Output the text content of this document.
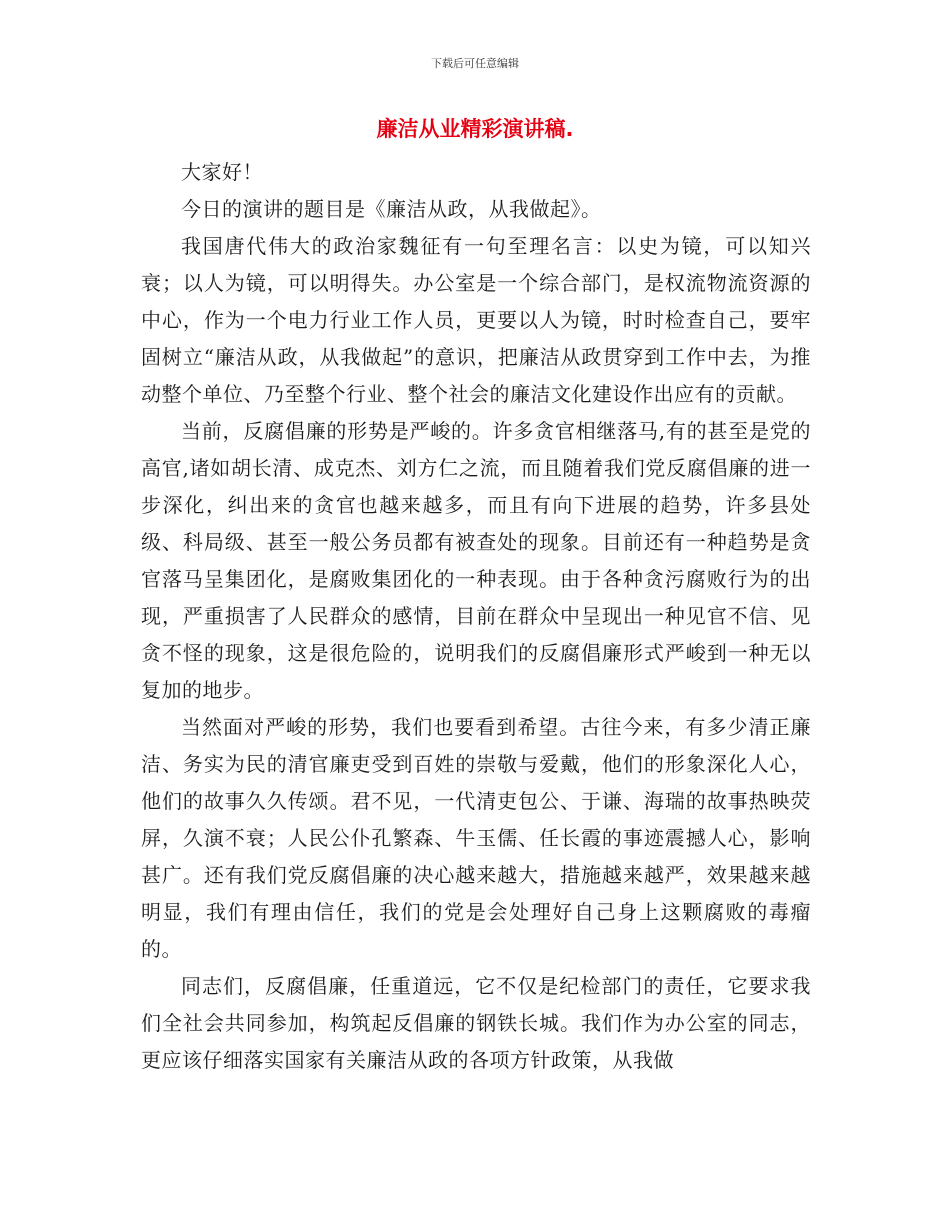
下载后可任意编辑
廉洁从业精彩演讲稿.

大家好！

今日的演讲的题目是《廉洁从政，从我做起》。

我国唐代伟大的政治家魏征有一句至理名言：以史为镜，可以知兴衰；以人为镜，可以明得失。办公室是一个综合部门，是权流物流资源的中心，作为一个电力行业工作人员，更要以人为镜，时时检查自己，要牢固树立“廉洁从政，从我做起”的意识，把廉洁从政贯穿到工作中去，为推动整个单位、乃至整个行业、整个社会的廉洁文化建设作出应有的贡献。

当前，反腐倡廉的形势是严峻的。许多贪官相继落马,有的甚至是党的高官,诸如胡长清、成克杰、刘方仁之流，而且随着我们党反腐倡廉的进一步深化，纠出来的贪官也越来越多，而且有向下进展的趋势，许多县处级、科局级、甚至一般公务员都有被查处的现象。目前还有一种趋势是贪官落马呈集团化，是腐败集团化的一种表现。由于各种贪污腐败行为的出现，严重损害了人民群众的感情，目前在群众中呈现出一种见官不信、见贪不怪的现象，这是很危险的，说明我们的反腐倡廉形式严峻到一种无以复加的地步。

当然面对严峻的形势，我们也要看到希望。古往今来，有多少清正廉洁、务实为民的清官廉吏受到百姓的崇敬与爱戴，他们的形象深化人心，他们的故事久久传颂。君不见，一代清吏包公、于谦、海瑞的故事热映荧屏，久演不衰；人民公仆孔繁森、牛玉儒、任长霞的事迹震撼人心，影响甚广。还有我们党反腐倡廉的决心越来越大，措施越来越严，效果越来越明显，我们有理由信任，我们的党是会处理好自己身上这颗腐败的毒瘤的。

同志们，反腐倡廉，任重道远，它不仅是纪检部门的责任，它要求我们全社会共同参加，构筑起反倡廉的钢铁长城。我们作为办公室的同志，更应该仔细落实国家有关廉洁从政的各项方针政策，从我做
